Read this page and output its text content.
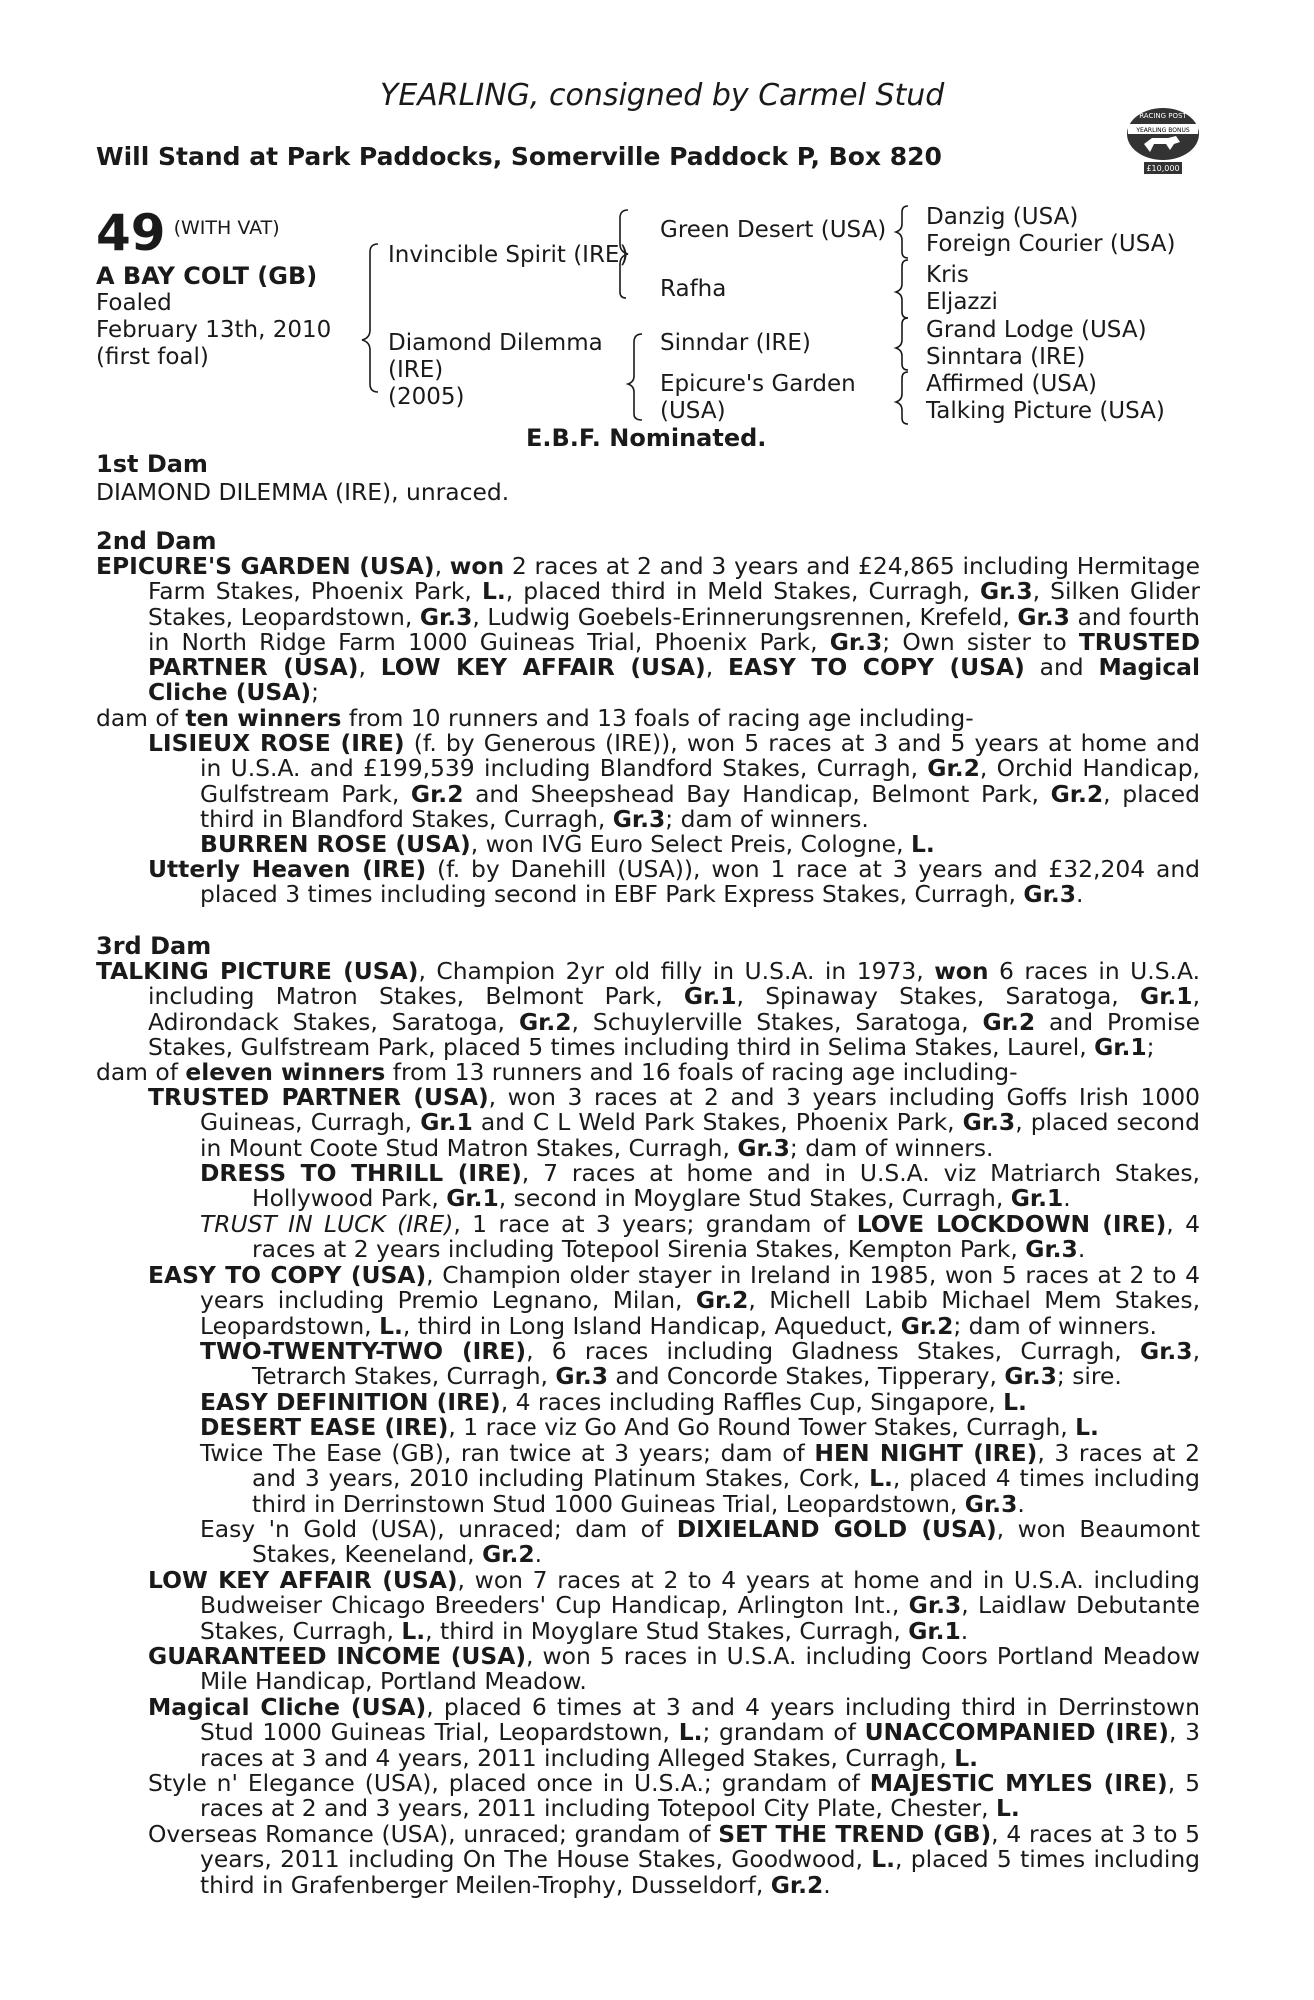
YEARLING, consigned by Carmel Stud
Will Stand at Park Paddocks, Somerville Paddock P, Box 820
RACING POST
YEARLING BONUS
£10,000
49 (WITH VAT)
A BAY COLT (GB)
Foaled
February 13th, 2010
(first foal)
Invincible Spirit (IRE)
Diamond Dilemma
(IRE)
(2005)
Green Desert (USA)
Rafha
Sinndar (IRE)
Epicure's Garden
(USA)
Danzig (USA)
Foreign Courier (USA)
Kris
Eljazzi
Grand Lodge (USA)
Sinntara (IRE)
Affirmed (USA)
Talking Picture (USA)
E.B.F. Nominated.
1st Dam
DIAMOND DILEMMA (IRE), unraced.
2nd Dam
EPICURE'S GARDEN (USA), won 2 races at 2 and 3 years and £24,865 including Hermitage Farm Stakes, Phoenix Park, L., placed third in Meld Stakes, Curragh, Gr.3, Silken Glider Stakes, Leopardstown, Gr.3, Ludwig Goebels-Erinnerungsrennen, Krefeld, Gr.3 and fourth in North Ridge Farm 1000 Guineas Trial, Phoenix Park, Gr.3; Own sister to TRUSTED PARTNER (USA), LOW KEY AFFAIR (USA), EASY TO COPY (USA) and Magical Cliche (USA);
dam of ten winners from 10 runners and 13 foals of racing age including-
LISIEUX ROSE (IRE) (f. by Generous (IRE)), won 5 races at 3 and 5 years at home and in U.S.A. and £199,539 including Blandford Stakes, Curragh, Gr.2, Orchid Handicap, Gulfstream Park, Gr.2 and Sheepshead Bay Handicap, Belmont Park, Gr.2, placed third in Blandford Stakes, Curragh, Gr.3; dam of winners.
BURREN ROSE (USA), won IVG Euro Select Preis, Cologne, L.
Utterly Heaven (IRE) (f. by Danehill (USA)), won 1 race at 3 years and £32,204 and placed 3 times including second in EBF Park Express Stakes, Curragh, Gr.3.
3rd Dam
TALKING PICTURE (USA), Champion 2yr old filly in U.S.A. in 1973, won 6 races in U.S.A. including Matron Stakes, Belmont Park, Gr.1, Spinaway Stakes, Saratoga, Gr.1, Adirondack Stakes, Saratoga, Gr.2, Schuylerville Stakes, Saratoga, Gr.2 and Promise Stakes, Gulfstream Park, placed 5 times including third in Selima Stakes, Laurel, Gr.1;
dam of eleven winners from 13 runners and 16 foals of racing age including-
TRUSTED PARTNER (USA), won 3 races at 2 and 3 years including Goffs Irish 1000 Guineas, Curragh, Gr.1 and C L Weld Park Stakes, Phoenix Park, Gr.3, placed second in Mount Coote Stud Matron Stakes, Curragh, Gr.3; dam of winners.
DRESS TO THRILL (IRE), 7 races at home and in U.S.A. viz Matriarch Stakes, Hollywood Park, Gr.1, second in Moyglare Stud Stakes, Curragh, Gr.1.
TRUST IN LUCK (IRE), 1 race at 3 years; grandam of LOVE LOCKDOWN (IRE), 4 races at 2 years including Totepool Sirenia Stakes, Kempton Park, Gr.3.
EASY TO COPY (USA), Champion older stayer in Ireland in 1985, won 5 races at 2 to 4 years including Premio Legnano, Milan, Gr.2, Michell Labib Michael Mem Stakes, Leopardstown, L., third in Long Island Handicap, Aqueduct, Gr.2; dam of winners.
TWO-TWENTY-TWO (IRE), 6 races including Gladness Stakes, Curragh, Gr.3, Tetrarch Stakes, Curragh, Gr.3 and Concorde Stakes, Tipperary, Gr.3; sire.
EASY DEFINITION (IRE), 4 races including Raffles Cup, Singapore, L.
DESERT EASE (IRE), 1 race viz Go And Go Round Tower Stakes, Curragh, L.
Twice The Ease (GB), ran twice at 3 years; dam of HEN NIGHT (IRE), 3 races at 2 and 3 years, 2010 including Platinum Stakes, Cork, L., placed 4 times including third in Derrinstown Stud 1000 Guineas Trial, Leopardstown, Gr.3.
Easy 'n Gold (USA), unraced; dam of DIXIELAND GOLD (USA), won Beaumont Stakes, Keeneland, Gr.2.
LOW KEY AFFAIR (USA), won 7 races at 2 to 4 years at home and in U.S.A. including Budweiser Chicago Breeders' Cup Handicap, Arlington Int., Gr.3, Laidlaw Debutante Stakes, Curragh, L., third in Moyglare Stud Stakes, Curragh, Gr.1.
GUARANTEED INCOME (USA), won 5 races in U.S.A. including Coors Portland Meadow Mile Handicap, Portland Meadow.
Magical Cliche (USA), placed 6 times at 3 and 4 years including third in Derrinstown Stud 1000 Guineas Trial, Leopardstown, L.; grandam of UNACCOMPANIED (IRE), 3 races at 3 and 4 years, 2011 including Alleged Stakes, Curragh, L.
Style n' Elegance (USA), placed once in U.S.A.; grandam of MAJESTIC MYLES (IRE), 5 races at 2 and 3 years, 2011 including Totepool City Plate, Chester, L.
Overseas Romance (USA), unraced; grandam of SET THE TREND (GB), 4 races at 3 to 5 years, 2011 including On The House Stakes, Goodwood, L., placed 5 times including third in Grafenberger Meilen-Trophy, Dusseldorf, Gr.2.
